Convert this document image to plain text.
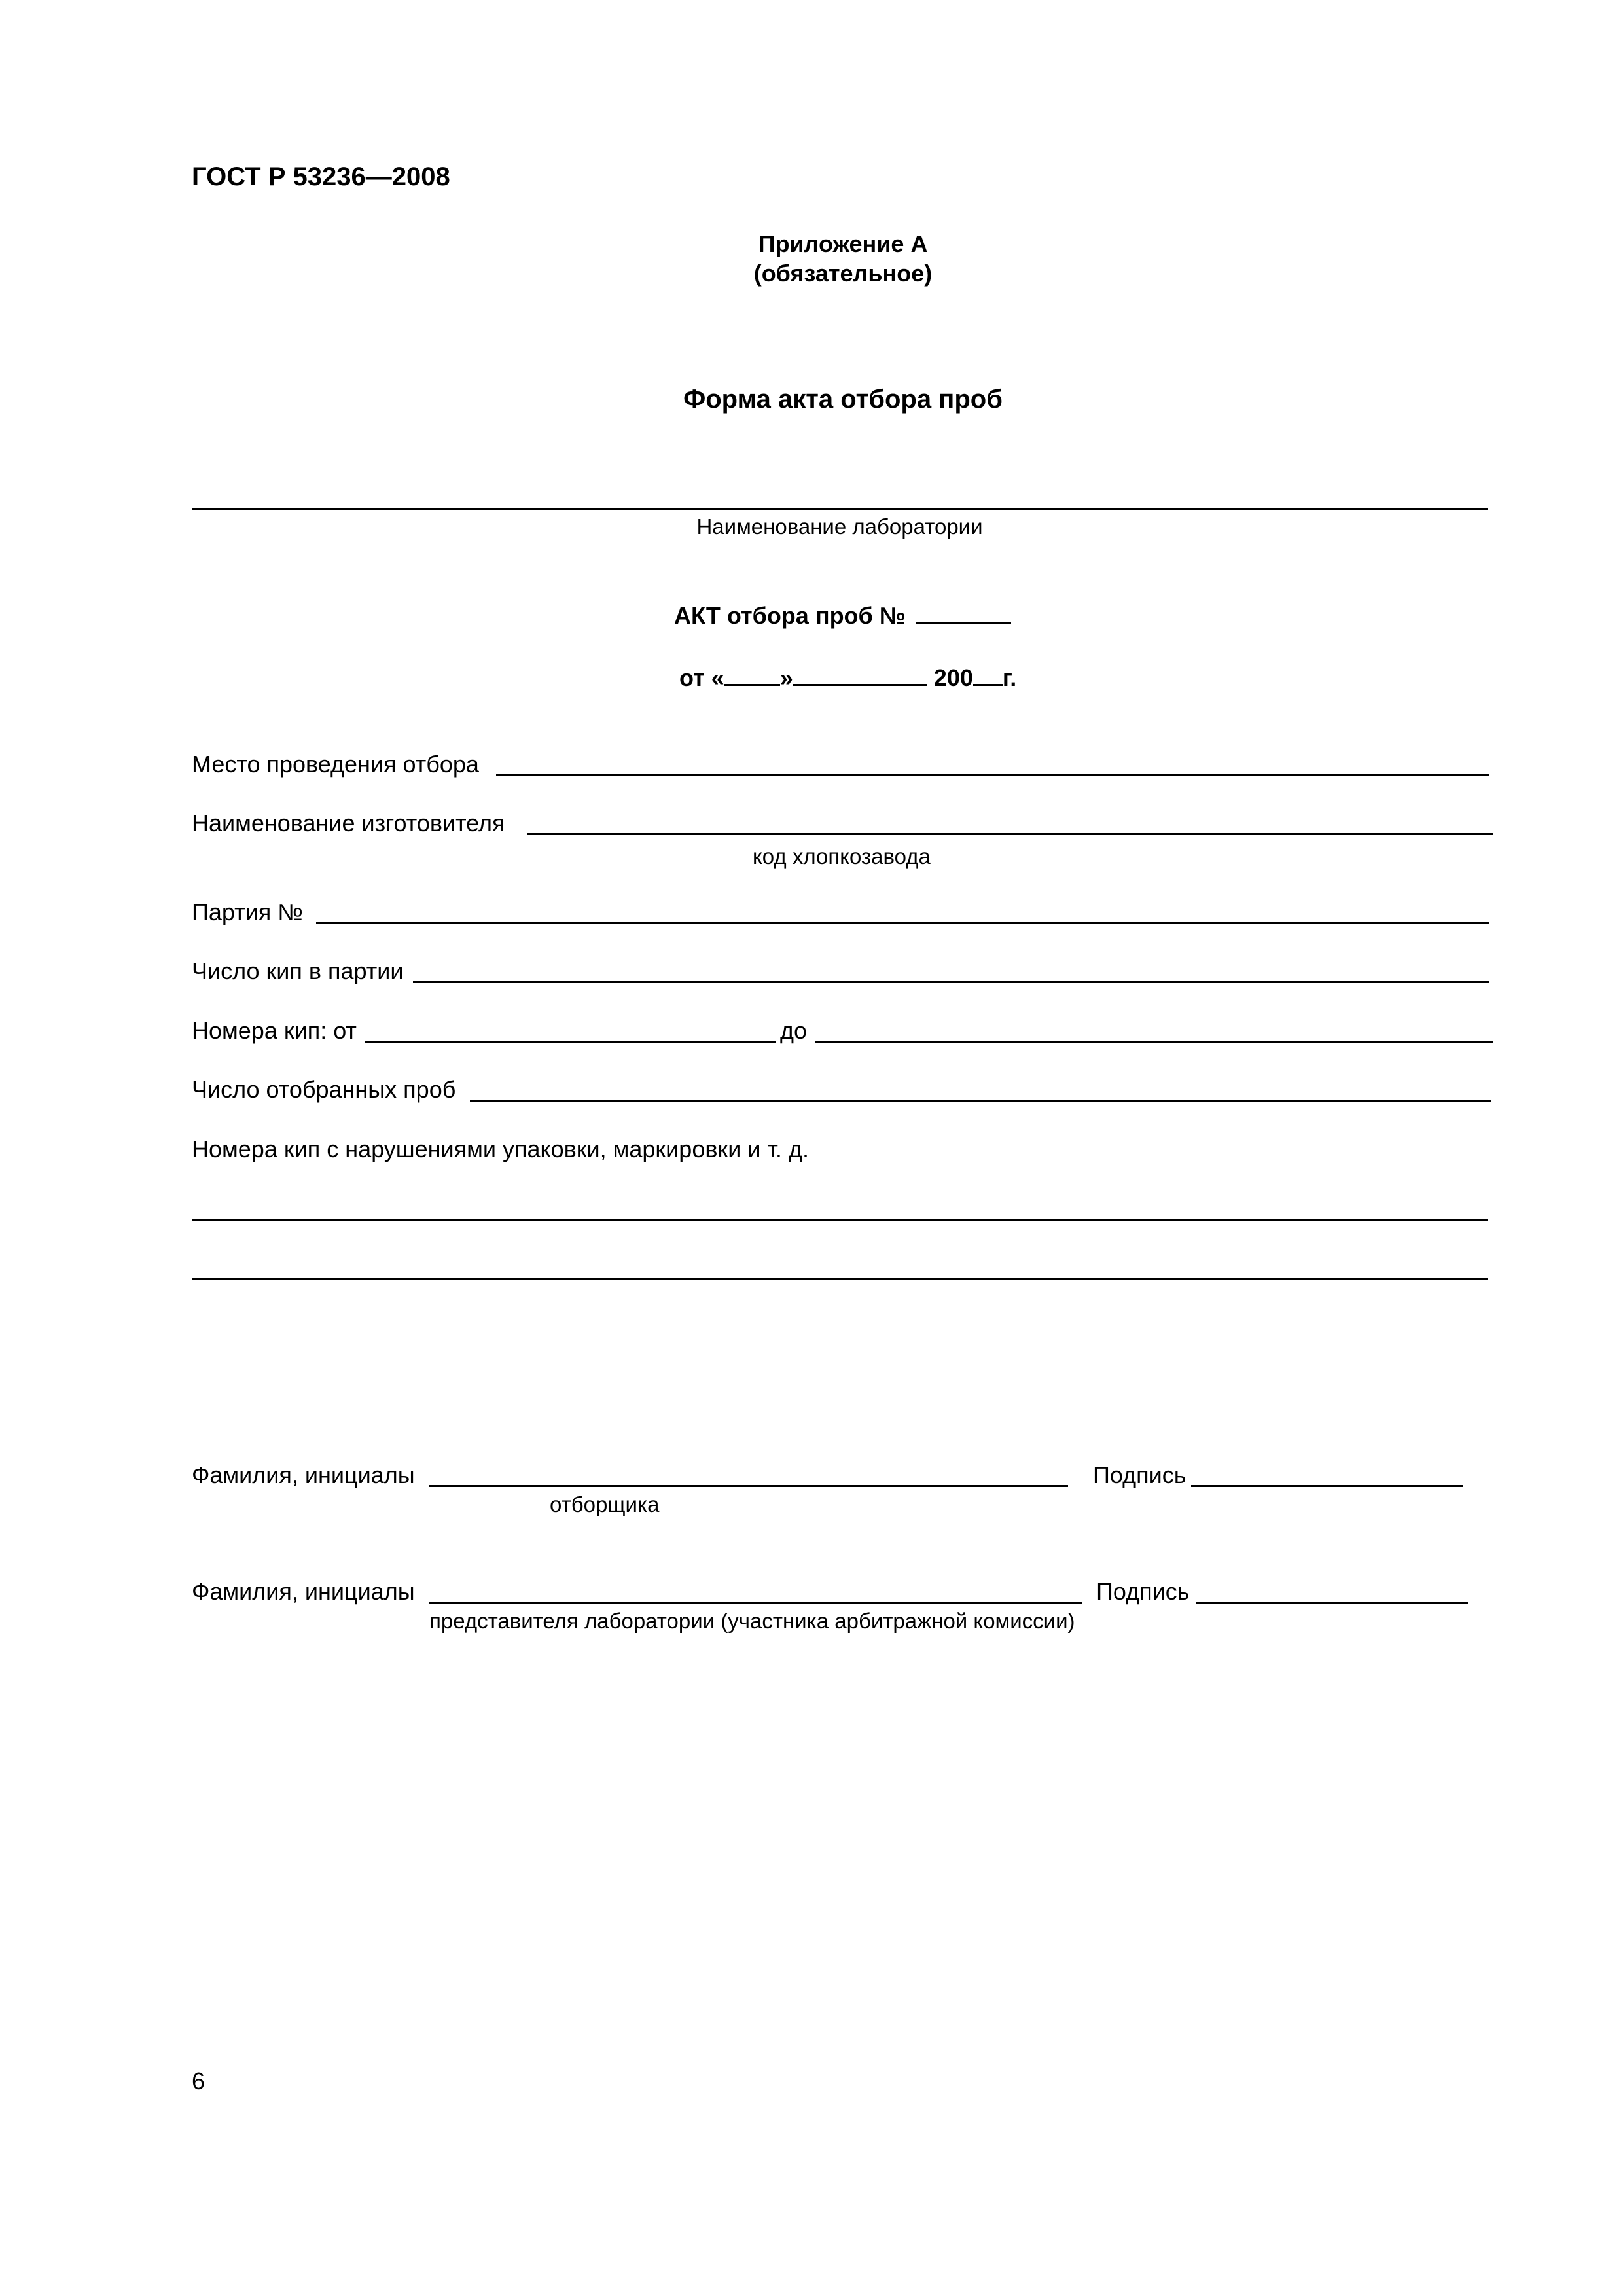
ГОСТ Р 53236—2008
Приложение А
(обязательное)
Форма акта отбора проб
Наименование лаборатории
АКТ отбора проб №
от « »	200 г.
Место проведения отбора
Наименование изготовителя
код хлопкозавода
Партия №
Число кип в партии
Номера кип: от	до
Число отобранных проб
Номера кип с нарушениями упаковки, маркировки и т. д.
Фамилия, инициалы	Подпись
отборщика
Фамилия, инициалы	Подпись
представителя лаборатории (участника арбитражной комиссии)
6
